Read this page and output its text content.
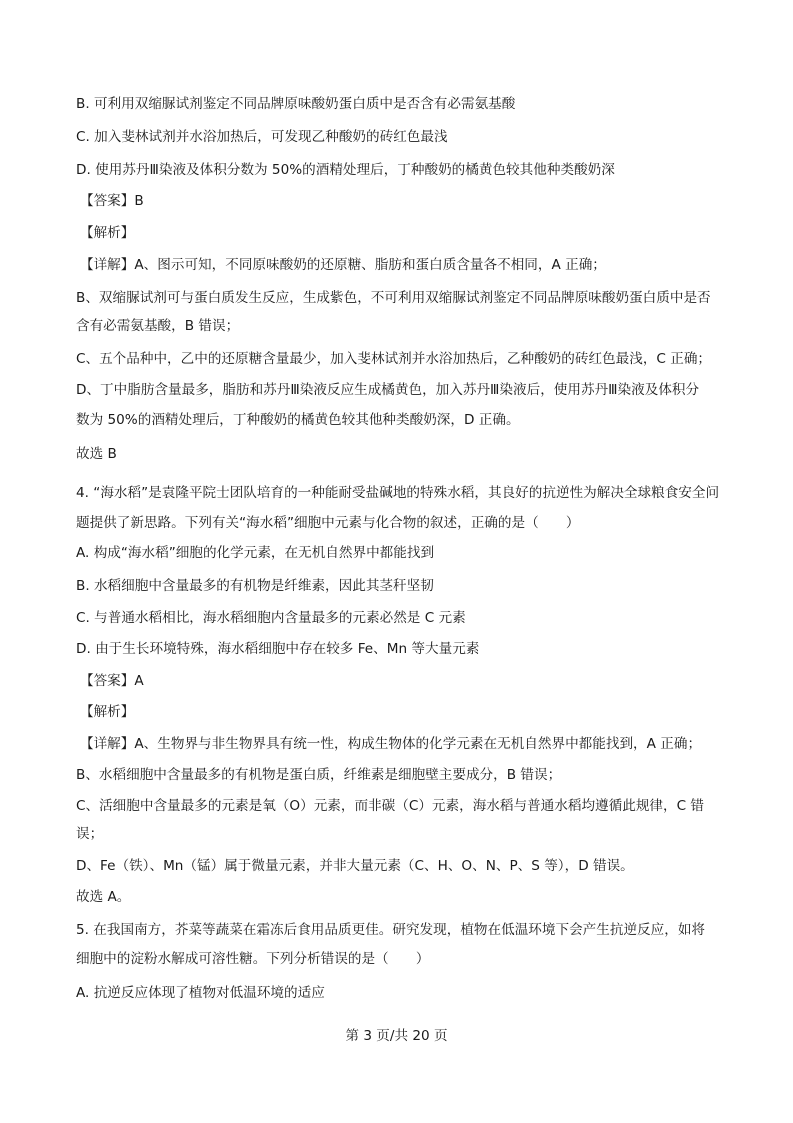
B. 可利用双缩脲试剂鉴定不同品牌原味酸奶蛋白质中是否含有必需氨基酸
C. 加入斐林试剂并水浴加热后，可发现乙种酸奶的砖红色最浅
D. 使用苏丹Ⅲ染液及体积分数为 50%的酒精处理后，丁种酸奶的橘黄色较其他种类酸奶深
【答案】B
【解析】
【详解】A、图示可知，不同原味酸奶的还原糖、脂肪和蛋白质含量各不相同，A 正确；
B、双缩脲试剂可与蛋白质发生反应，生成紫色，不可利用双缩脲试剂鉴定不同品牌原味酸奶蛋白质中是否
含有必需氨基酸，B 错误；
C、五个品种中，乙中的还原糖含量最少，加入斐林试剂并水浴加热后，乙种酸奶的砖红色最浅，C 正确；
D、丁中脂肪含量最多，脂肪和苏丹Ⅲ染液反应生成橘黄色，加入苏丹Ⅲ染液后，使用苏丹Ⅲ染液及体积分
数为 50%的酒精处理后，丁种酸奶的橘黄色较其他种类酸奶深，D 正确。
故选 B
4. “海水稻”是袁隆平院士团队培育的一种能耐受盐碱地的特殊水稻，其良好的抗逆性为解决全球粮食安全问
题提供了新思路。下列有关“海水稻”细胞中元素与化合物的叙述，正确的是（　　）
A. 构成“海水稻”细胞的化学元素，在无机自然界中都能找到
B. 水稻细胞中含量最多的有机物是纤维素，因此其茎秆坚韧
C. 与普通水稻相比，海水稻细胞内含量最多的元素必然是 C 元素
D. 由于生长环境特殊，海水稻细胞中存在较多 Fe、Mn 等大量元素
【答案】A
【解析】
【详解】A、生物界与非生物界具有统一性，构成生物体的化学元素在无机自然界中都能找到，A 正确；
B、水稻细胞中含量最多的有机物是蛋白质，纤维素是细胞壁主要成分，B 错误；
C、活细胞中含量最多的元素是氧（O）元素，而非碳（C）元素，海水稻与普通水稻均遵循此规律，C 错
误；
D、Fe（铁）、Mn（锰）属于微量元素，并非大量元素（C、H、O、N、P、S 等），D 错误。
故选 A。
5. 在我国南方，芥菜等蔬菜在霜冻后食用品质更佳。研究发现，植物在低温环境下会产生抗逆反应，如将
细胞中的淀粉水解成可溶性糖。下列分析错误的是（　　）
A. 抗逆反应体现了植物对低温环境的适应
第 3 页/共 20 页
